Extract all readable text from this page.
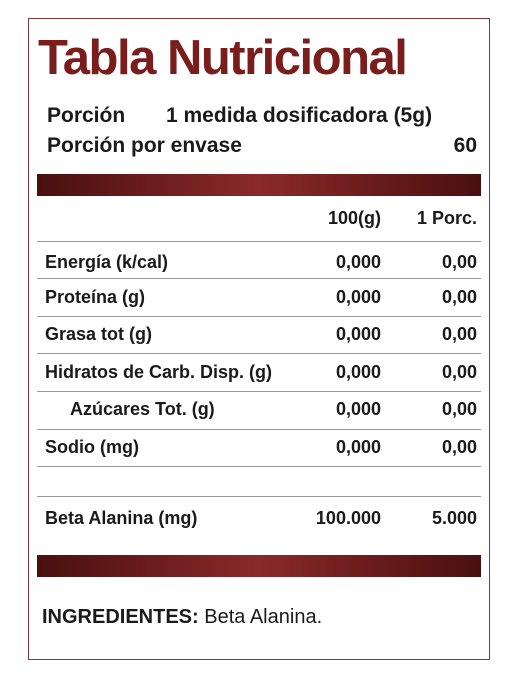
Tabla Nutricional
Porción 1 medida dosificadora (5g)
Porción por envase	60
100(g) 1 Porc.
Energía (k/cal)	0,000	0,00
Proteína (g)	0,000	0,00
Grasa tot (g)	0,000	0,00
Hidratos de Carb. Disp. (g)	0,000	0,00
Azúcares Tot. (g)	0,000	0,00
Sodio (mg)	0,000	0,00
Beta Alanina (mg)	100.000	5.000
INGREDIENTES: Beta Alanina.
